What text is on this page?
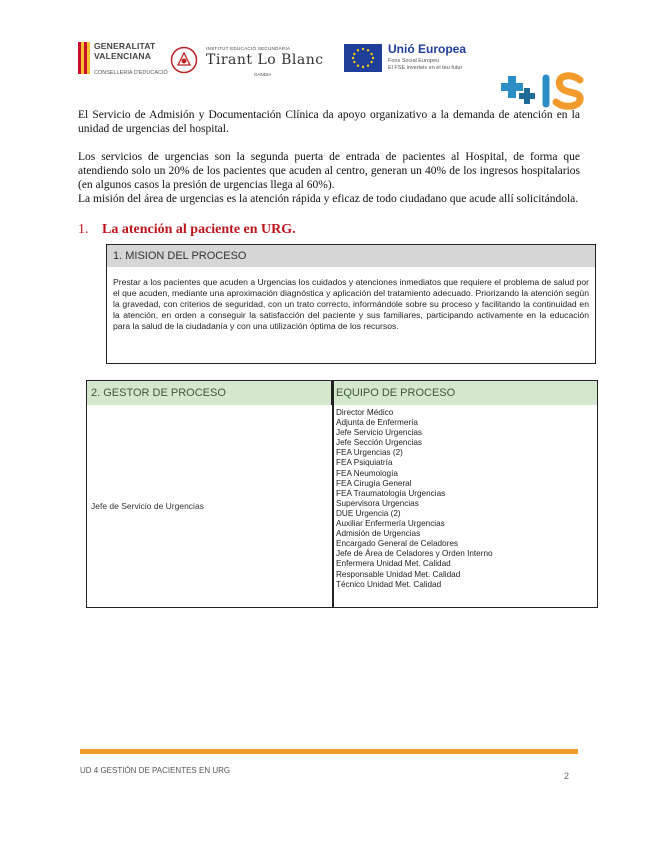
GENERALITAT
VALENCIANA
CONSELLERIA D'EDUCACIÓ
INSTITUT EDUCACIÓ SECUNDÀRIA
Tirant Lo Blanc
GANDIA
Unió Europea
Fons Social Europeu
El FSE inverteix en el teu futur

El Servicio de Admisión y Documentación Clínica da apoyo organizativo a la demanda de atención en la unidad de urgencias del hospital.

Los servicios de urgencias son la segunda puerta de entrada de pacientes al Hospital, de forma que atendiendo solo un 20% de los pacientes que acuden al centro, generan un 40% de los ingresos hospitalarios (en algunos casos la presión de urgencias llega al 60%).

La misión del área de urgencias es la atención rápida y eficaz de todo ciudadano que acude allí solicitándola.

1. La atención al paciente en URG.
1. MISION DEL PROCESO
Prestar a los pacientes que acuden a Urgencias los cuidados y atenciones inmediatos que requiere el problema de salud por el que acuden, mediante una aproximación diagnóstica y aplicación del tratamiento adecuado. Priorizando la atención según la gravedad, con criterios de seguridad, con un trato correcto, informándole sobre su proceso y facilitando la continuidad en la atención, en orden a conseguir la satisfacción del paciente y sus familiares, participando activamente en la educación para la salud de la ciudadanía y con una utilización óptima de los recursos.
2. GESTOR DE PROCESO	EQUIPO DE PROCESO
Jefe de Servicio de Urgencias
Director Médico
Adjunta de Enfermería
Jefe Servicio Urgencias
Jefe Sección Urgencias
FEA Urgencias (2)
FEA Psiquiatría
FEA Neumología
FEA Cirugía General
FEA Traumatología Urgencias
Supervisora Urgencias
DUE Urgencia (2)
Auxiliar Enfermería Urgencias
Admisión de Urgencias
Encargado General de Celadores
Jefe de Área de Celadores y Orden Interno
Enfermera Unidad Met. Calidad
Responsable Unidad Met. Calidad
Técnico Unidad Met. Calidad
UD 4 GESTIÓN DE PACIENTES EN URG
2
